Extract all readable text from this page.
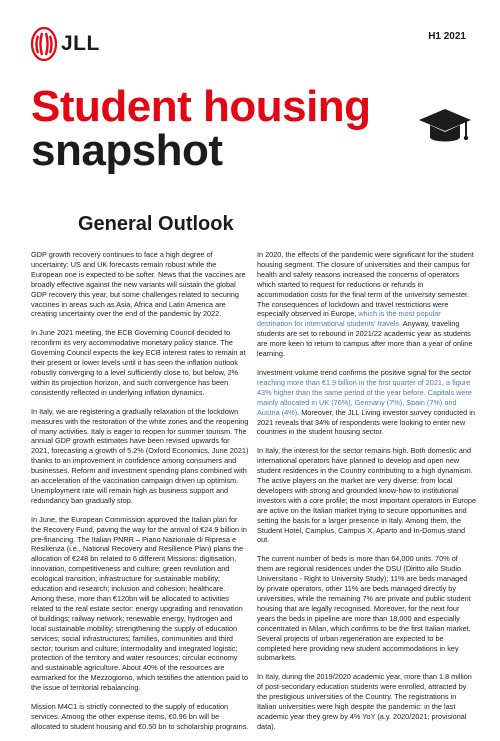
JLL	H1 2021
Student housing
snapshot
General Outlook

GDP growth recovery continues to face a high degree of uncertainty: US and UK forecasts remain robust while the European one is expected to be softer. News that the vaccines are broadly effective against the new variants will sustain the global GDP recovery this year, but some challenges related to securing vaccines in areas such as Asia, Africa and Latin America are creating uncertainty over the end of the pandemic by 2022.

In June 2021 meeting, the ECB Governing Council decided to reconfirm its very accommodative monetary policy stance. The Governing Council expects the key ECB interest rates to remain at their present or lower levels until it has seen the inflation outlook robustly converging to a level sufficiently close to, but below, 2% within its projection horizon, and such convergence has been consistently reflected in underlying inflation dynamics.

In Italy, we are registering a gradually relaxation of the lockdown measures with the restoration of the white zones and the reopening of many activities. Italy is eager to reopen for summer tourism. The annual GDP growth estimates have been revised upwards for 2021, forecasting a growth of 5.2% (Oxford Economics, June 2021) thanks to an improvement in confidence among consumers and businesses. Reform and investment spending plans combined with an acceleration of the vaccination campaign driven up optimism. Unemployment rate will remain high as business support and redundancy ban gradually stop.

In June, the European Commission approved the Italian plan for the Recovery Fund, paving the way for the arrival of €24.9 billion in pre-financing. The Italian PNRR – Piano Nazionale di Ripresa e Resilienza (i.e., National Recovery and Resilience Plan) plans the allocation of €248 bn related to 6 different Missions: digitisation, innovation, competitiveness and culture; green revolution and ecological transition; infrastructure for sustainable mobility; education and research; inclusion and cohesion; healthcare. Among these, more than €120bn will be allocated to activities related to the real estate sector: energy upgrading and renovation of buildings; railway network; renewable energy, hydrogen and local sustainable mobility; strengthening the supply of education services; social infrastructures; families, communities and third sector; tourism and culture; intermodality and integrated logistic; protection of the territory and water resources; circular economy and sustainable agriculture. About 40% of the resources are earmarked for the Mezzogiorno, which testifies the attention paid to the issue of territorial rebalancing.

Mission M4C1 is strictly connected to the supply of education services. Among the other expense items, €0.96 bn will be allocated to student housing and €0.50 bn to scholarship programs.

In 2020, the effects of the pandemic were significant for the student housing segment. The closure of universities and their campus for health and safety reasons increased the concerns of operators which started to request for reductions or refunds in accommodation costs for the final term of the university semester. The consequences of lockdown and travel restrictions were especially observed in Europe, which is the most popular destination for international students' travels. Anyway, traveling students are set to rebound in 2021/22 academic year as students are more keen to return to campus after more than a year of online learning.

Investment volume trend confirms the positive signal for the sector reaching more than €1.9 billion in the first quarter of 2021, a figure 43% higher than the same period of the year before. Capitals were mainly allocated in UK (76%), Germany (7%), Spain (7%) and Austria (4%). Moreover, the JLL Living investor survey conducted in 2021 reveals that 34% of respondents were looking to enter new countries in the student housing sector.

In Italy, the interest for the sector remains high. Both domestic and international operators have planned to develop and open new student residences in the Country contributing to a high dynamism. The active players on the market are very diverse: from local developers with strong and grounded know-how to institutional investors with a core profile; the most important operators in Europe are active on the Italian market trying to secure opportunities and setting the basis for a larger presence in Italy. Among them, the Student Hotel, Camplus, Campus X, Aparto and In-Domus stand out.

The current number of beds is more than 64,000 units. 70% of them are regional residences under the DSU (Diritto allo Studio Universitario - Right to University Study); 11% are beds managed by private operators, other 11% are beds managed directly by universities, while the remaining 7% are private and public student housing that are legally recognised. Moreover, for the next four years the beds in pipeline are more than 18,000 and especially concentrated in Milan, which confirms to be the first Italian market. Several projects of urban regeneration are expected to be completed here providing new student accommodations in key submarkets.

In Italy, during the 2019/2020 academic year, more than 1.8 million of post-secondary education students were enrolled, attracted by the prestigious universities of the Country. The registrations in Italian universities were high despite the pandemic: in the last academic year they grew by 4% YoY (a.y. 2020/2021; provisional data).
